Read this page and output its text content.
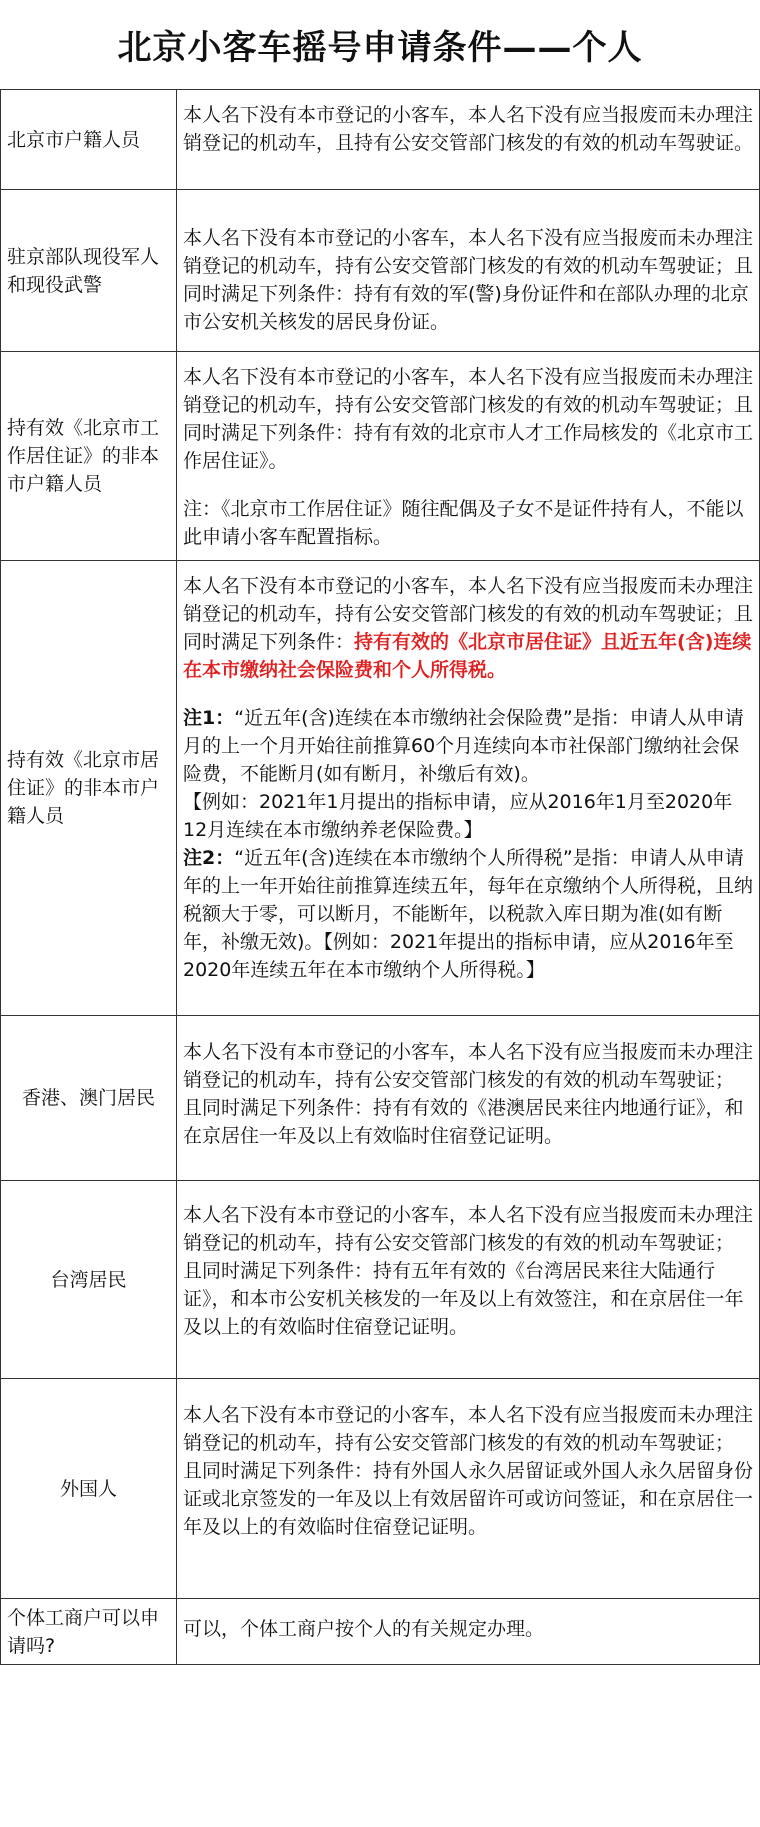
北京小客车摇号申请条件——个人
北京市户籍人员	本人名下没有本市登记的小客车，本人名下没有应当报废而未办理注销登记的机动车，且持有公安交管部门核发的有效的机动车驾驶证。

驻京部队现役军人和现役武警	本人名下没有本市登记的小客车，本人名下没有应当报废而未办理注销登记的机动车，持有公安交管部门核发的有效的机动车驾驶证；且同时满足下列条件：持有有效的军(警)身份证件和在部队办理的北京市公安机关核发的居民身份证。

持有效《北京市工作居住证》的非本市户籍人员	本人名下没有本市登记的小客车，本人名下没有应当报废而未办理注销登记的机动车，持有公安交管部门核发的有效的机动车驾驶证；且同时满足下列条件：持有有效的北京市人才工作局核发的《北京市工作居住证》。
注：《北京市工作居住证》随往配偶及子女不是证件持有人，不能以此申请小客车配置指标。

持有效《北京市居住证》的非本市户籍人员	本人名下没有本市登记的小客车，本人名下没有应当报废而未办理注销登记的机动车，持有公安交管部门核发的有效的机动车驾驶证；且同时满足下列条件：持有有效的《北京市居住证》且近五年(含)连续在本市缴纳社会保险费和个人所得税。
注1：“近五年(含)连续在本市缴纳社会保险费”是指：申请人从申请月的上一个月开始往前推算60个月连续向本市社保部门缴纳社会保险费，不能断月(如有断月，补缴后有效)。
【例如：2021年1月提出的指标申请，应从2016年1月至2020年12月连续在本市缴纳养老保险费。】
注2：“近五年(含)连续在本市缴纳个人所得税”是指：申请人从申请年的上一年开始往前推算连续五年，每年在京缴纳个人所得税，且纳税额大于零，可以断月，不能断年，以税款入库日期为准(如有断年，补缴无效)。【例如：2021年提出的指标申请，应从2016年至2020年连续五年在本市缴纳个人所得税。】

香港、澳门居民	本人名下没有本市登记的小客车，本人名下没有应当报废而未办理注销登记的机动车，持有公安交管部门核发的有效的机动车驾驶证；
且同时满足下列条件：持有有效的《港澳居民来往内地通行证》，和在京居住一年及以上有效临时住宿登记证明。

台湾居民	本人名下没有本市登记的小客车，本人名下没有应当报废而未办理注销登记的机动车，持有公安交管部门核发的有效的机动车驾驶证；
且同时满足下列条件：持有五年有效的《台湾居民来往大陆通行证》，和本市公安机关核发的一年及以上有效签注，和在京居住一年及以上的有效临时住宿登记证明。

外国人	本人名下没有本市登记的小客车，本人名下没有应当报废而未办理注销登记的机动车，持有公安交管部门核发的有效的机动车驾驶证；
且同时满足下列条件：持有外国人永久居留证或外国人永久居留身份证或北京签发的一年及以上有效居留许可或访问签证，和在京居住一年及以上的有效临时住宿登记证明。

个体工商户可以申请吗?	可以，个体工商户按个人的有关规定办理。
